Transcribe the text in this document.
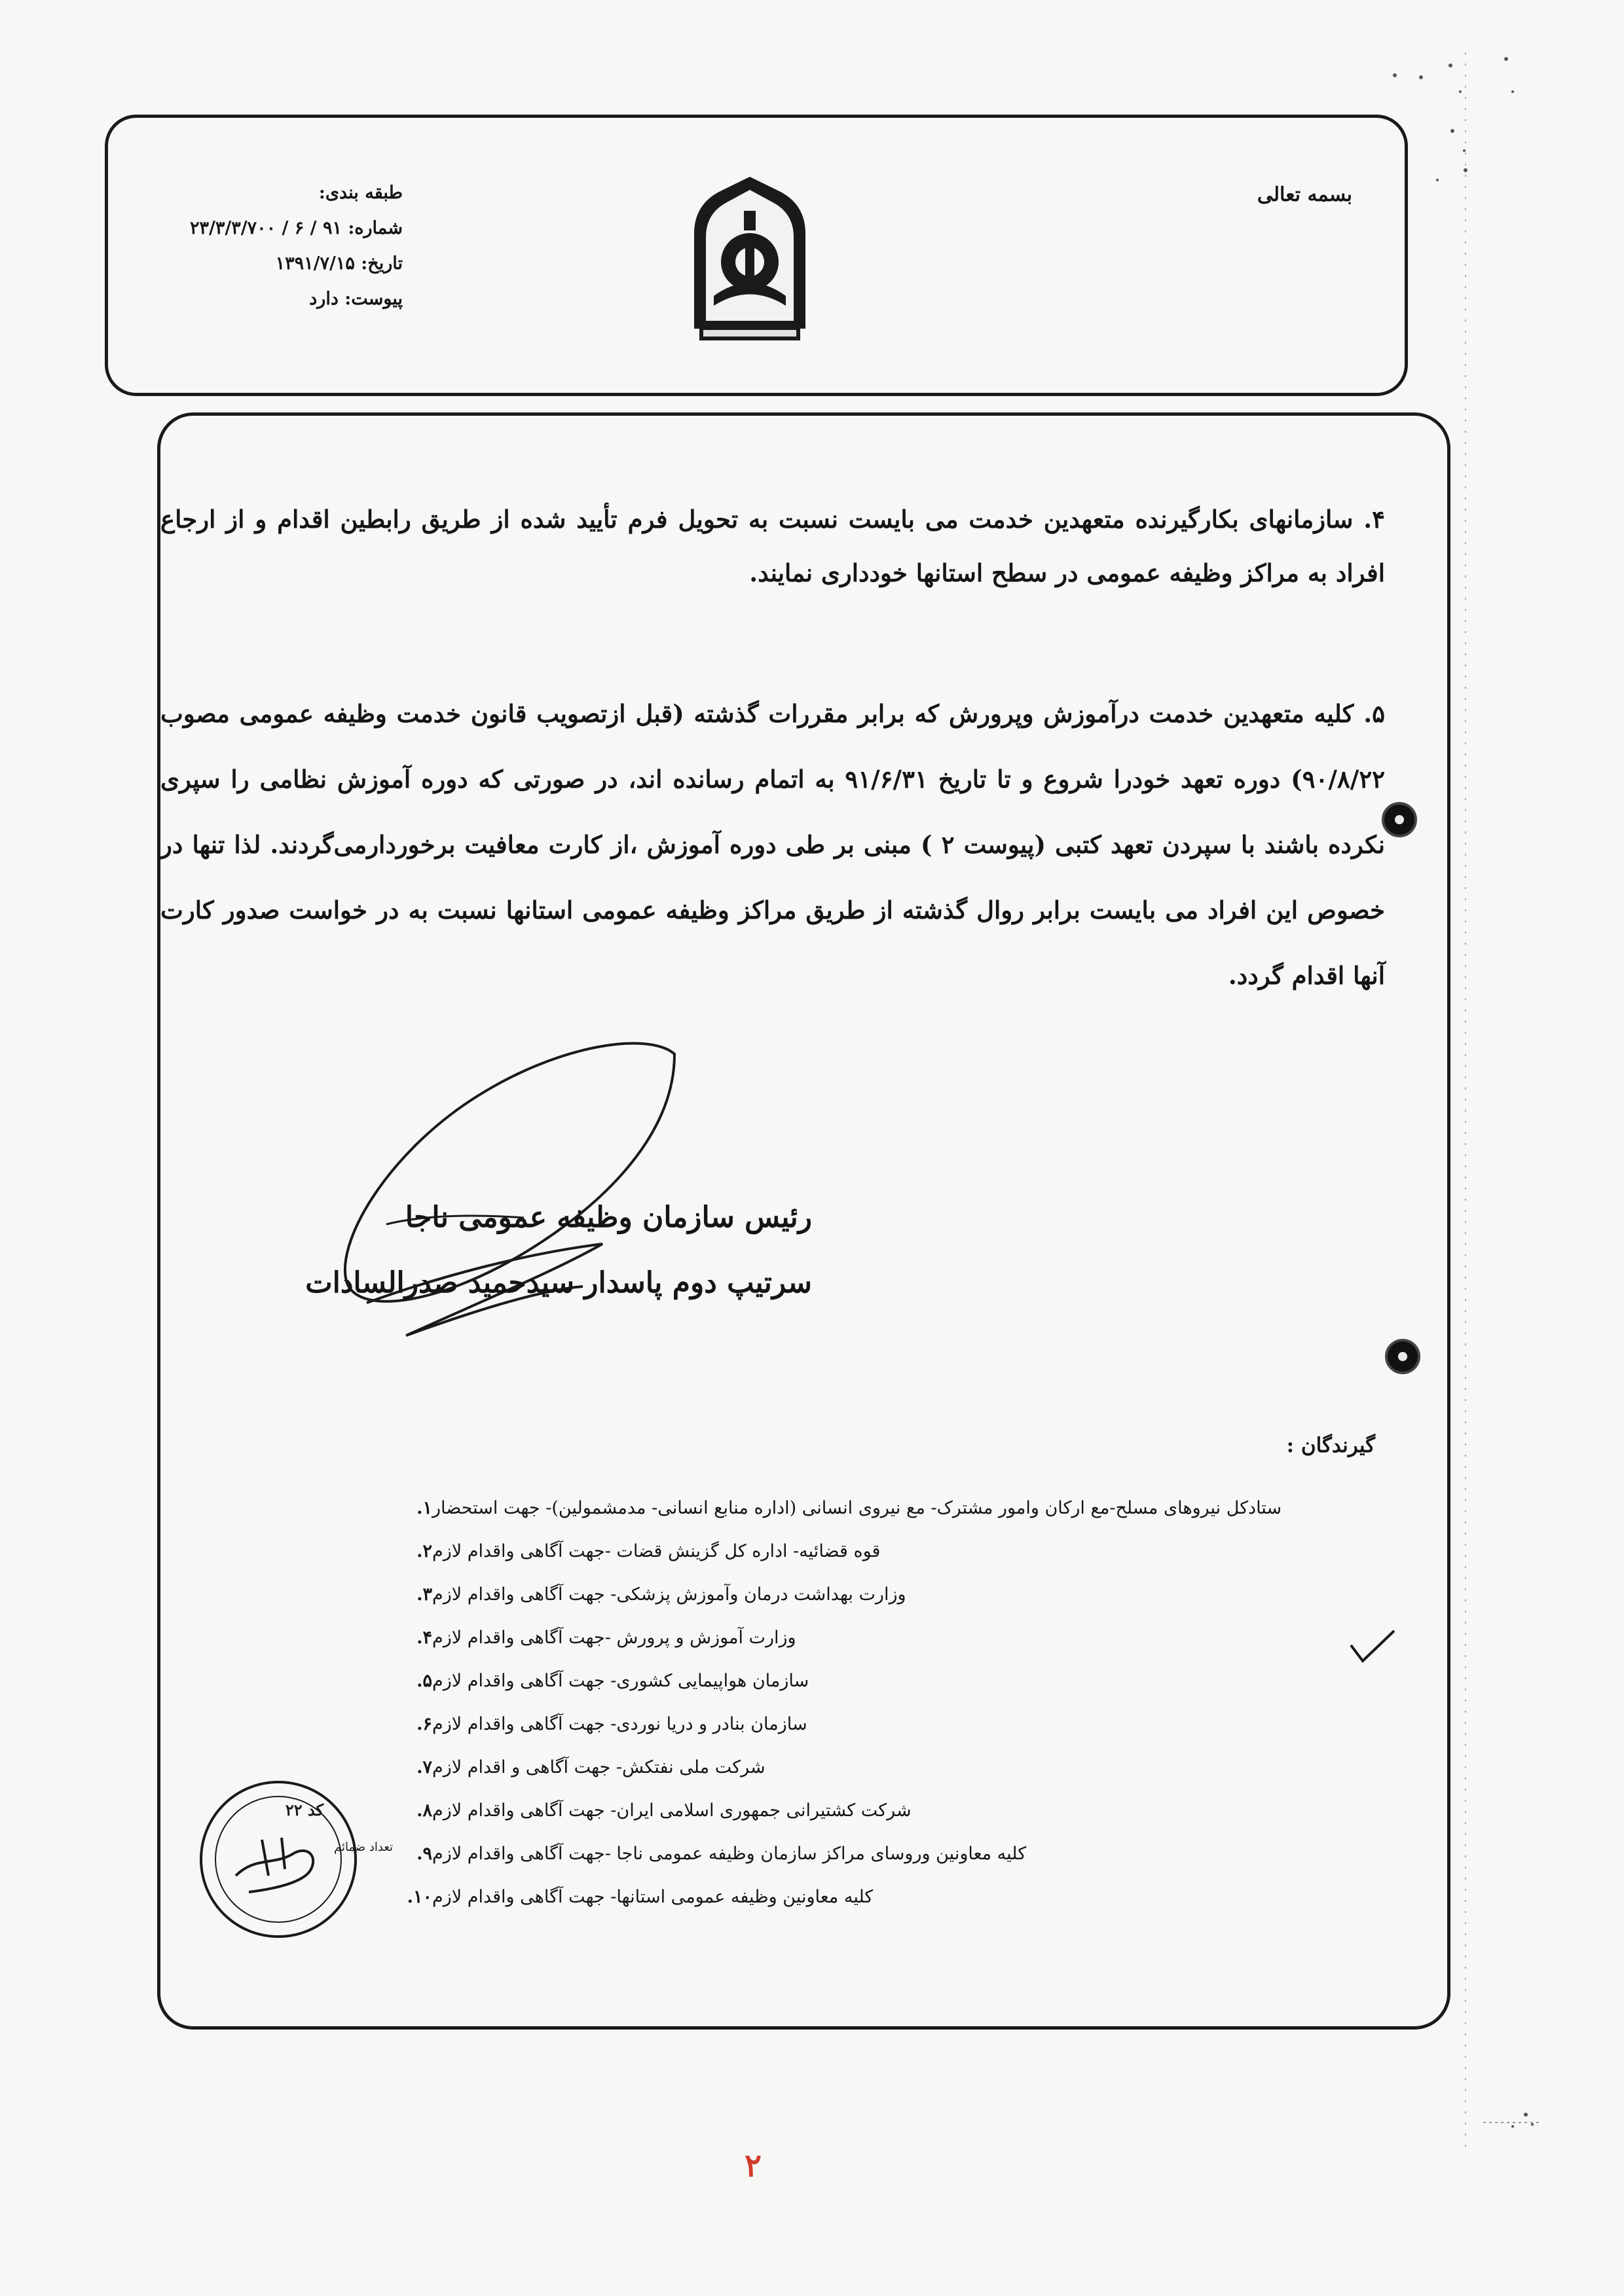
بسمه تعالی
طبقه بندی:
شماره: ۹۱ / ۶ / ۲۳/۳/۳/۷۰۰
تاریخ: ۱۳۹۱/۷/۱۵
پیوست: دارد
۴. سازمانهای بکارگیرنده متعهدین خدمت می بایست نسبت به تحویل فرم تأیید شده از طریق رابطین اقدام و از ارجاع افراد به مراکز وظیفه عمومی در سطح استانها خودداری نمایند.
۵. کلیه متعهدین خدمت درآموزش وپرورش که برابر مقررات گذشته (قبل ازتصویب قانون خدمت وظیفه عمومی مصوب ۹۰/۸/۲۲) دوره تعهد خودرا شروع و تا تاریخ ۹۱/۶/۳۱ به اتمام رسانده اند، در صورتی که دوره آموزش نظامی را سپری نکرده باشند با سپردن تعهد کتبی (پیوست ۲ ) مبنی بر طی دوره آموزش ،از کارت معافیت برخوردارمی‌گردند. لذا تنها در خصوص این افراد می بایست برابر روال گذشته از طریق مراکز وظیفه عمومی استانها نسبت به در خواست صدور کارت آنها اقدام گردد.
رئیس سازمان وظیفه عمومی ناجا
سرتیپ دوم پاسدار سیدحمید صدرالسادات
گیرندگان :
۱. ستادکل نیروهای مسلح-مع ارکان وامور مشترک- مع نیروی انسانی (اداره منابع انسانی- مدمشمولین)- جهت استحضار
۲. قوه قضائیه- اداره کل گزینش قضات -جهت آگاهی واقدام لازم
۳. وزارت بهداشت درمان وآموزش پزشکی- جهت آگاهی واقدام لازم
۴. وزارت آموزش و پرورش -جهت آگاهی واقدام لازم
۵. سازمان هواپیمایی کشوری- جهت آگاهی واقدام لازم
۶. سازمان بنادر و دریا نوردی- جهت آگاهی واقدام لازم
۷. شرکت ملی نفتکش- جهت آگاهی و اقدام لازم
۸. شرکت کشتیرانی جمهوری اسلامی ایران- جهت آگاهی واقدام لازم
۹. کلیه معاونین وروسای مراکز سازمان وظیفه عمومی ناجا -جهت آگاهی واقدام لازم
۱۰. کلیه معاونین وظیفه عمومی استانها- جهت آگاهی واقدام لازم
کد ۲۲
تعداد ضمائم
۲
